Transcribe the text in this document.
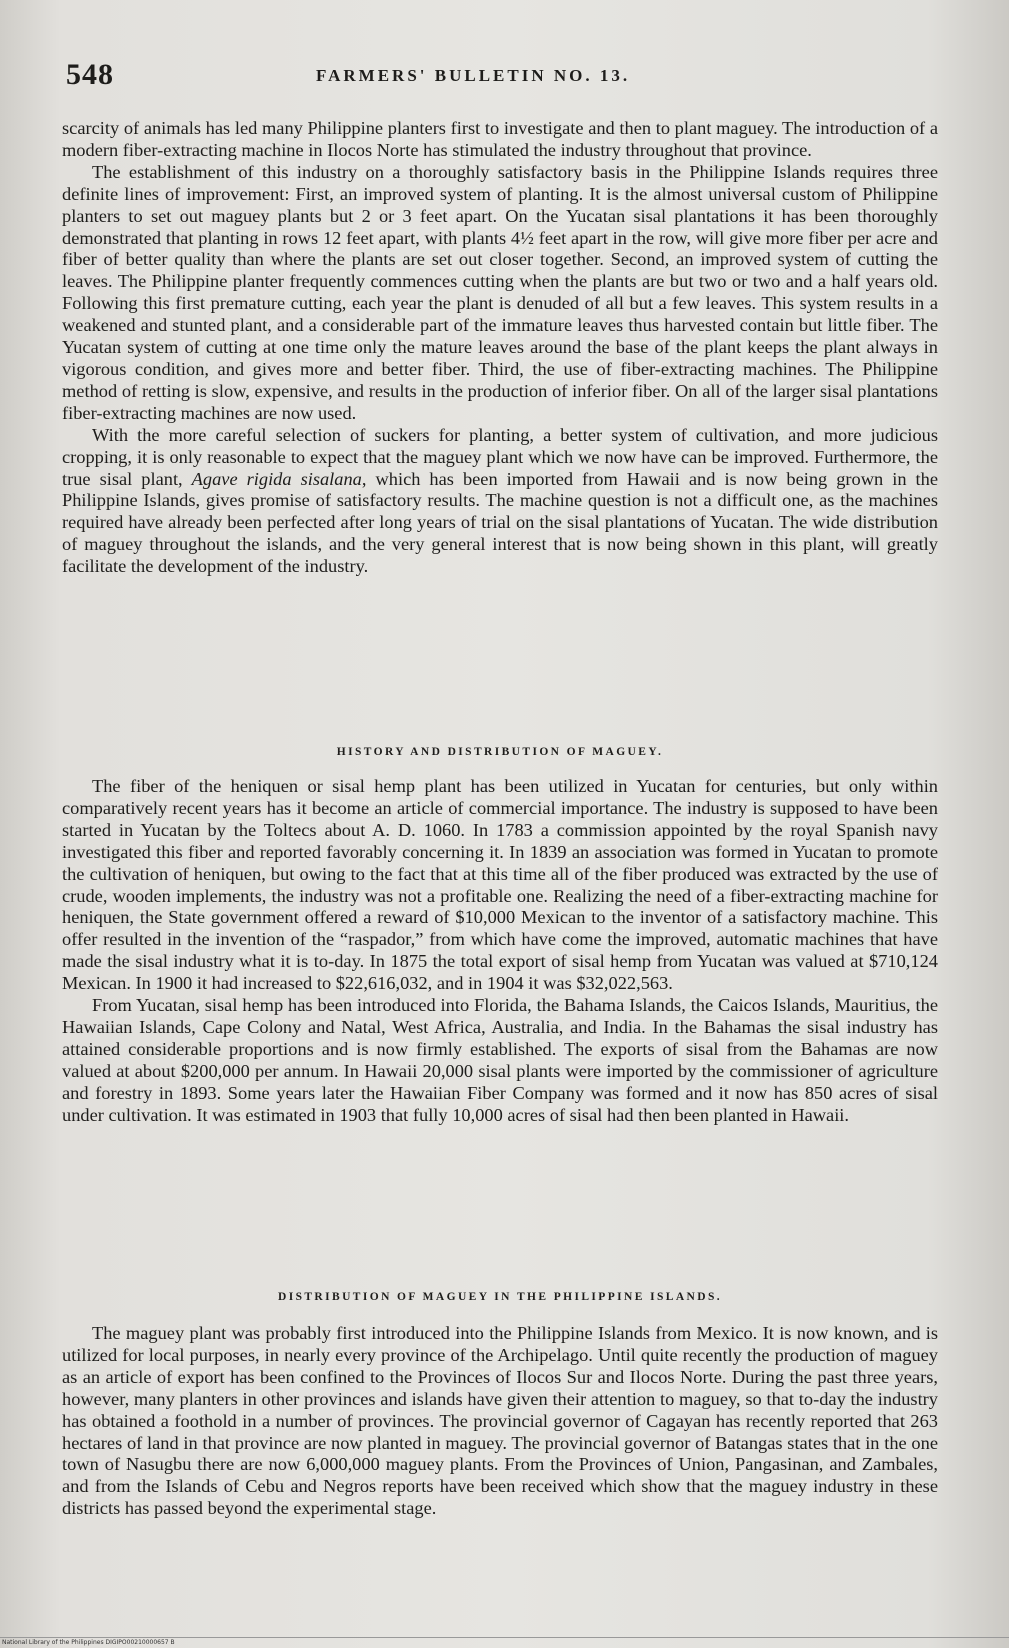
548	FARMERS' BULLETIN NO. 13.

scarcity of animals has led many Philippine planters first to investigate and then to plant maguey. The introduction of a modern fiber-extracting machine in Ilocos Norte has stimulated the industry throughout that province.

The establishment of this industry on a thoroughly satisfactory basis in the Philippine Islands requires three definite lines of improvement: First, an improved system of planting. It is the almost universal custom of Philippine planters to set out maguey plants but 2 or 3 feet apart. On the Yucatan sisal plantations it has been thoroughly demonstrated that planting in rows 12 feet apart, with plants 4½ feet apart in the row, will give more fiber per acre and fiber of better quality than where the plants are set out closer together. Second, an improved system of cutting the leaves. The Philippine planter frequently commences cutting when the plants are but two or two and a half years old. Following this first premature cutting, each year the plant is denuded of all but a few leaves. This system results in a weakened and stunted plant, and a considerable part of the immature leaves thus harvested contain but little fiber. The Yucatan system of cutting at one time only the mature leaves around the base of the plant keeps the plant always in vigorous condition, and gives more and better fiber. Third, the use of fiber-extracting machines. The Philippine method of retting is slow, expensive, and results in the production of inferior fiber. On all of the larger sisal plantations fiber-extracting machines are now used.

With the more careful selection of suckers for planting, a better system of cultivation, and more judicious cropping, it is only reasonable to expect that the maguey plant which we now have can be improved. Furthermore, the true sisal plant, Agave rigida sisalana, which has been imported from Hawaii and is now being grown in the Philippine Islands, gives promise of satisfactory results. The machine question is not a difficult one, as the machines required have already been perfected after long years of trial on the sisal plantations of Yucatan. The wide distribution of maguey throughout the islands, and the very general interest that is now being shown in this plant, will greatly facilitate the development of the industry.

HISTORY AND DISTRIBUTION OF MAGUEY.

The fiber of the heniquen or sisal hemp plant has been utilized in Yucatan for centuries, but only within comparatively recent years has it become an article of commercial importance. The industry is supposed to have been started in Yucatan by the Toltecs about A. D. 1060. In 1783 a commission appointed by the royal Spanish navy investigated this fiber and reported favorably concerning it. In 1839 an association was formed in Yucatan to promote the cultivation of heniquen, but owing to the fact that at this time all of the fiber produced was extracted by the use of crude, wooden implements, the industry was not a profitable one. Realizing the need of a fiber-extracting machine for heniquen, the State government offered a reward of $10,000 Mexican to the inventor of a satisfactory machine. This offer resulted in the invention of the “raspador,” from which have come the improved, automatic machines that have made the sisal industry what it is to-day. In 1875 the total export of sisal hemp from Yucatan was valued at $710,124 Mexican. In 1900 it had increased to $22,616,032, and in 1904 it was $32,022,563.

From Yucatan, sisal hemp has been introduced into Florida, the Bahama Islands, the Caicos Islands, Mauritius, the Hawaiian Islands, Cape Colony and Natal, West Africa, Australia, and India. In the Bahamas the sisal industry has attained considerable proportions and is now firmly established. The exports of sisal from the Bahamas are now valued at about $200,000 per annum. In Hawaii 20,000 sisal plants were imported by the commissioner of agriculture and forestry in 1893. Some years later the Hawaiian Fiber Company was formed and it now has 850 acres of sisal under cultivation. It was estimated in 1903 that fully 10,000 acres of sisal had then been planted in Hawaii.

DISTRIBUTION OF MAGUEY IN THE PHILIPPINE ISLANDS.

The maguey plant was probably first introduced into the Philippine Islands from Mexico. It is now known, and is utilized for local purposes, in nearly every province of the Archipelago. Until quite recently the production of maguey as an article of export has been confined to the Provinces of Ilocos Sur and Ilocos Norte. During the past three years, however, many planters in other provinces and islands have given their attention to maguey, so that to-day the industry has obtained a foothold in a number of provinces. The provincial governor of Cagayan has recently reported that 263 hectares of land in that province are now planted in maguey. The provincial governor of Batangas states that in the one town of Nasugbu there are now 6,000,000 maguey plants. From the Provinces of Union, Pangasinan, and Zambales, and from the Islands of Cebu and Negros reports have been received which show that the maguey industry in these districts has passed beyond the experimental stage.

National Library of the Philippines DIGIPO00210000657 B
